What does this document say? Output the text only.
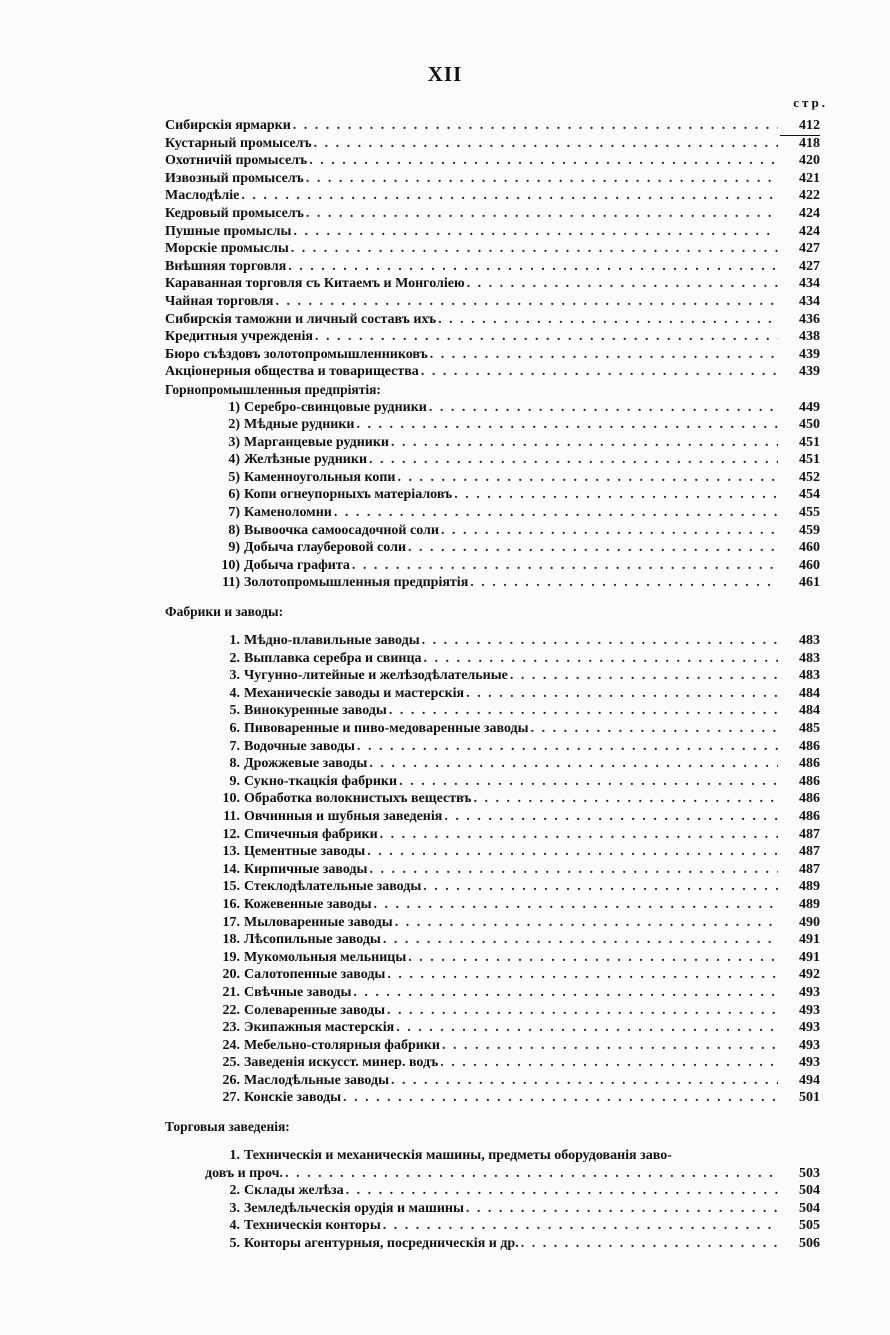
XII
стр.
Сибирскія ярмарки . . .	412
Кустарный промыселъ . . .	418
Охотничій промыселъ . . .	420
Извозный промыселъ . . .	421
Маслодѣліе . . .	422
Кедровый промыселъ . . .	424
Пушные промыслы . . .	424
Морскіе промыслы . . .	427
Внѣшняя торговля . . .	427
Караванная торговля съ Китаемъ и Монголіею . . .	434
Чайная торговля . . .	434
Сибирскія таможни и личный составъ ихъ . . .	436
Кредитныя учрежденія . . .	438
Бюро съѣздовъ золотопромышленниковъ . . .	439
Акціонерныя общества и товарищества . . .	439
Горнопромышленныя предпріятія:
1) Серебро-свинцовые рудники . . .	449
2) Мѣдные рудники . . .	450
3) Марганцевые рудники . . .	451
4) Желѣзные рудники . . .	451
5) Каменноугольныя копи . . .	452
6) Копи огнеупорныхъ матеріаловъ . . .	454
7) Каменоломни . . .	455
8) Вывоочка самоосадочной соли . . .	459
9) Добыча глауберовой соли . . .	460
10) Добыча графита . . .	460
11) Золотопромышленныя предпріятія . . .	461
Фабрики и заводы:
1. Мѣдно-плавильные заводы . . .	483
2. Выплавка серебра и свинца . . .	483
3. Чугунно-литейные и желѣзодѣлательные . . .	483
4. Механическіе заводы и мастерскія . . .	484
5. Винокуренные заводы . . .	484
6. Пивоваренные и пиво-медоваренные заводы . . .	485
7. Водочные заводы . . .	486
8. Дрожжевые заводы . . .	486
9. Сукно-ткацкія фабрики . . .	486
10. Обработка волокнистыхъ веществъ . . .	486
11. Овчинныя и шубныя заведенія . . .	486
12. Спичечныя фабрики . . .	487
13. Цементные заводы . . .	487
14. Кирпичные заводы . . .	487
15. Стеклодѣлательные заводы . . .	489
16. Кожевенные заводы . . .	489
17. Мыловаренные заводы . . .	490
18. Лѣсопильные заводы . . .	491
19. Мукомольныя мельницы . . .	491
20. Салотопенные заводы . . .	492
21. Свѣчные заводы . . .	493
22. Солеваренные заводы . . .	493
23. Экипажныя мастерскія . . .	493
24. Мебельно-столярныя фабрики . . .	493
25. Заведенія искусст. минер. водъ . . .	493
26. Маслодѣльные заводы . . .	494
27. Конскіе заводы . . .	501
Торговыя заведенія:
1. Техническія и механическія машины, предметы оборудованія заво-
довъ и проч. . . .	503
2. Склады желѣза . . .	504
3. Земледѣльческія орудія и машины . . .	504
4. Техническія конторы . . .	505
5. Конторы агентурныя, посредническія и др. . . .	506
